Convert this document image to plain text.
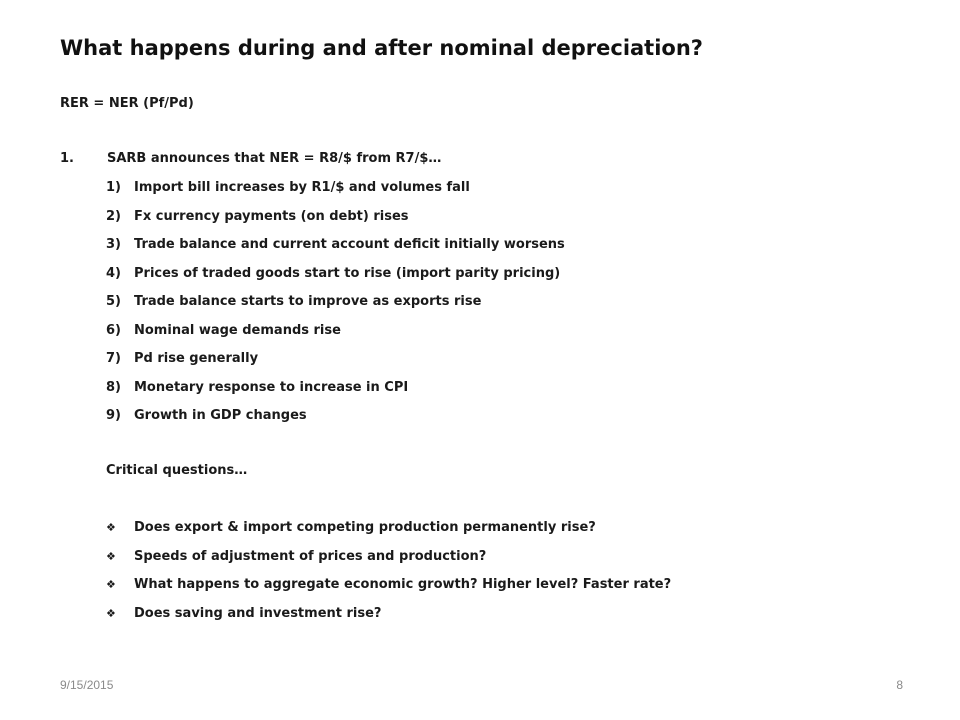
What happens during and after nominal depreciation?
RER = NER (Pf/Pd)
1.	SARB announces that NER = R8/$ from R7/$…
1) Import bill increases by R1/$ and volumes fall
2) Fx currency payments (on debt) rises
3) Trade balance and current account deficit initially worsens
4) Prices of traded goods start to rise (import parity pricing)
5) Trade balance starts to improve as exports rise
6) Nominal wage demands rise
7) Pd rise generally
8) Monetary response to increase in CPI
9) Growth in GDP changes
Critical questions…
❖ Does export & import competing production permanently rise?
❖ Speeds of adjustment of prices and production?
❖ What happens to aggregate economic growth? Higher level? Faster rate?
❖ Does saving and investment rise?
9/15/2015	8
